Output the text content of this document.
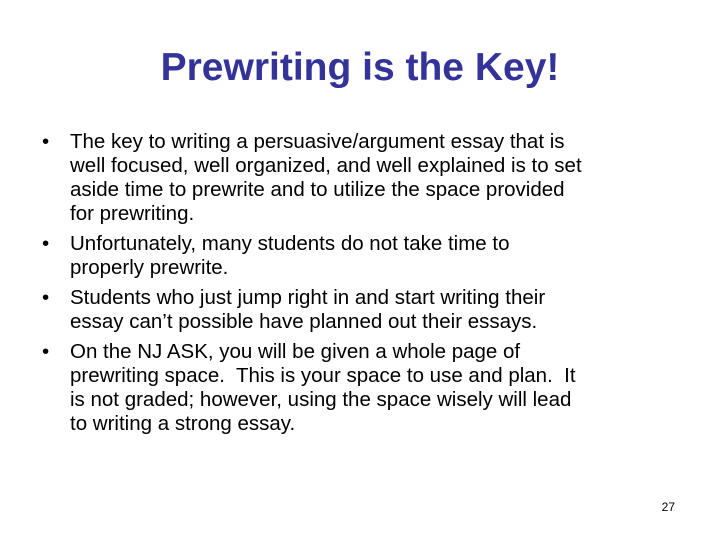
Prewriting is the Key!
•	The key to writing a persuasive/argument essay that is
well focused, well organized, and well explained is to set
aside time to prewrite and to utilize the space provided
for prewriting.
•	Unfortunately, many students do not take time to
properly prewrite.
•	Students who just jump right in and start writing their
essay can’t possible have planned out their essays.
•	On the NJ ASK, you will be given a whole page of
prewriting space.  This is your space to use and plan.  It
is not graded; however, using the space wisely will lead
to writing a strong essay.
27
